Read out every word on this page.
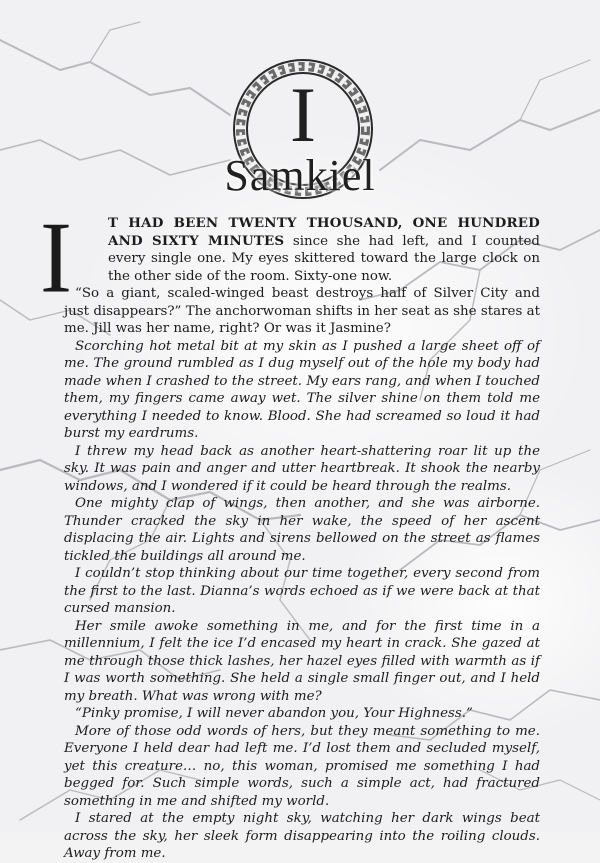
I
Samkiel

I	T HAD BEEN TWENTY THOUSAND, ONE HUNDRED AND SIXTY MINUTES since she had left, and I counted every single one. My eyes skittered toward the large clock on the other side of the room. Sixty-one now.

“So a giant, scaled-winged beast destroys half of Silver City and just disappears?” The anchorwoman shifts in her seat as she stares at me. Jill was her name, right? Or was it Jasmine?

Scorching hot metal bit at my skin as I pushed a large sheet off of me. The ground rumbled as I dug myself out of the hole my body had made when I crashed to the street. My ears rang, and when I touched them, my fingers came away wet. The silver shine on them told me everything I needed to know. Blood. She had screamed so loud it had burst my eardrums.

I threw my head back as another heart-shattering roar lit up the sky. It was pain and anger and utter heartbreak. It shook the nearby windows, and I wondered if it could be heard through the realms.

One mighty clap of wings, then another, and she was airborne. Thunder cracked the sky in her wake, the speed of her ascent displacing the air. Lights and sirens bellowed on the street as flames tickled the buildings all around me.

I couldn’t stop thinking about our time together, every second from the first to the last. Dianna’s words echoed as if we were back at that cursed mansion.

Her smile awoke something in me, and for the first time in a millennium, I felt the ice I’d encased my heart in crack. She gazed at me through those thick lashes, her hazel eyes filled with warmth as if I was worth something. She held a single small finger out, and I held my breath. What was wrong with me?

“Pinky promise, I will never abandon you, Your Highness.”

More of those odd words of hers, but they meant something to me. Everyone I held dear had left me. I’d lost them and secluded myself, yet this creature… no, this woman, promised me something I had begged for. Such simple words, such a simple act, had fractured something in me and shifted my world.

I stared at the empty night sky, watching her dark wings beat across the sky, her sleek form disappearing into the roiling clouds. Away from me.
